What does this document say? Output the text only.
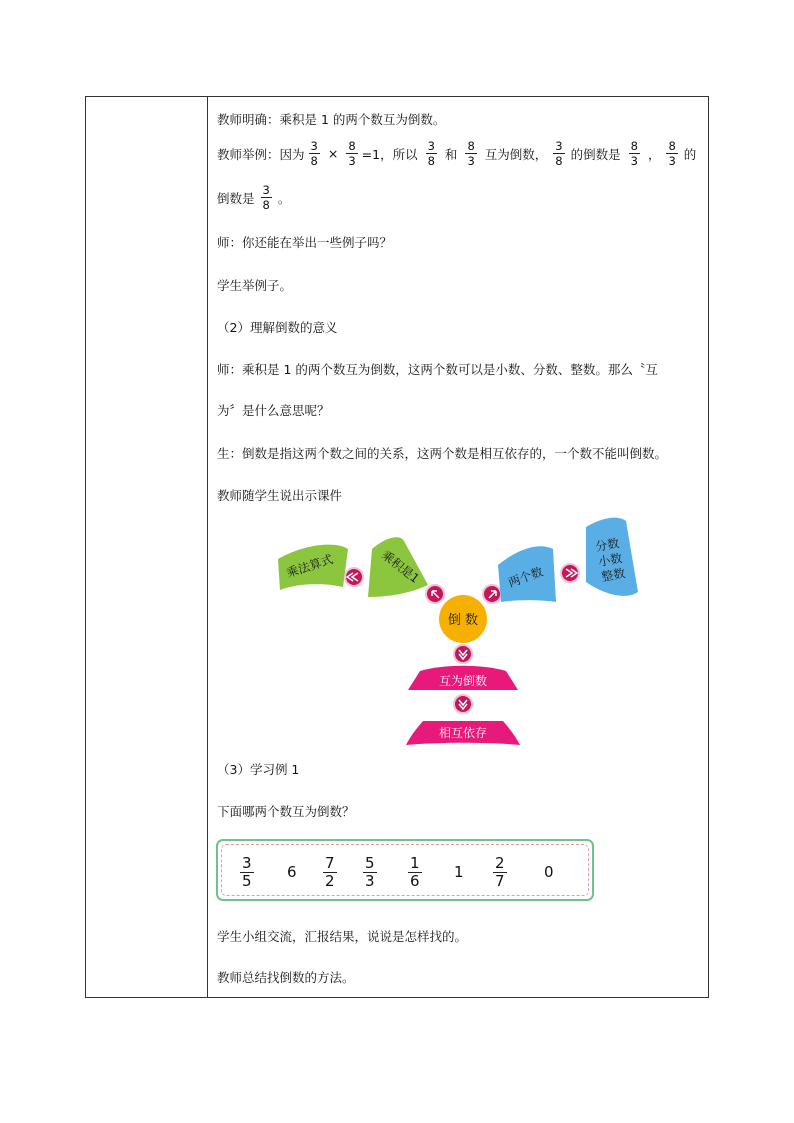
教师明确：乘积是 1 的两个数互为倒数。
教师举例：因为 $\frac{3}{8} \times \frac{8}{3} =1$，所以 $\frac{3}{8}$ 和 $\frac{8}{3}$ 互为倒数， $\frac{3}{8}$ 的倒数是 $\frac{8}{3}$ ， $\frac{8}{3}$ 的
倒数是 $\frac{3}{8}$ 。
师：你还能在举出一些例子吗？
学生举例子。
（2）理解倒数的意义
师：乘积是 1 的两个数互为倒数，这两个数可以是小数、分数、整数。那么〝互
为〞是什么意思呢？
生：倒数是指这两个数之间的关系，这两个数是相互依存的，一个数不能叫倒数。
教师随学生说出示课件
乘法算式	乘积是1
倒 数
两个数
分数
小数
整数
互为倒数
相互依存
（3）学习例 1
下面哪两个数互为倒数？
$\frac{3}{5} 6 \frac{7}{2} \frac{5}{3} \frac{1}{6} 1 \frac{2}{7} 0$
学生小组交流，汇报结果，说说是怎样找的。
教师总结找倒数的方法。
